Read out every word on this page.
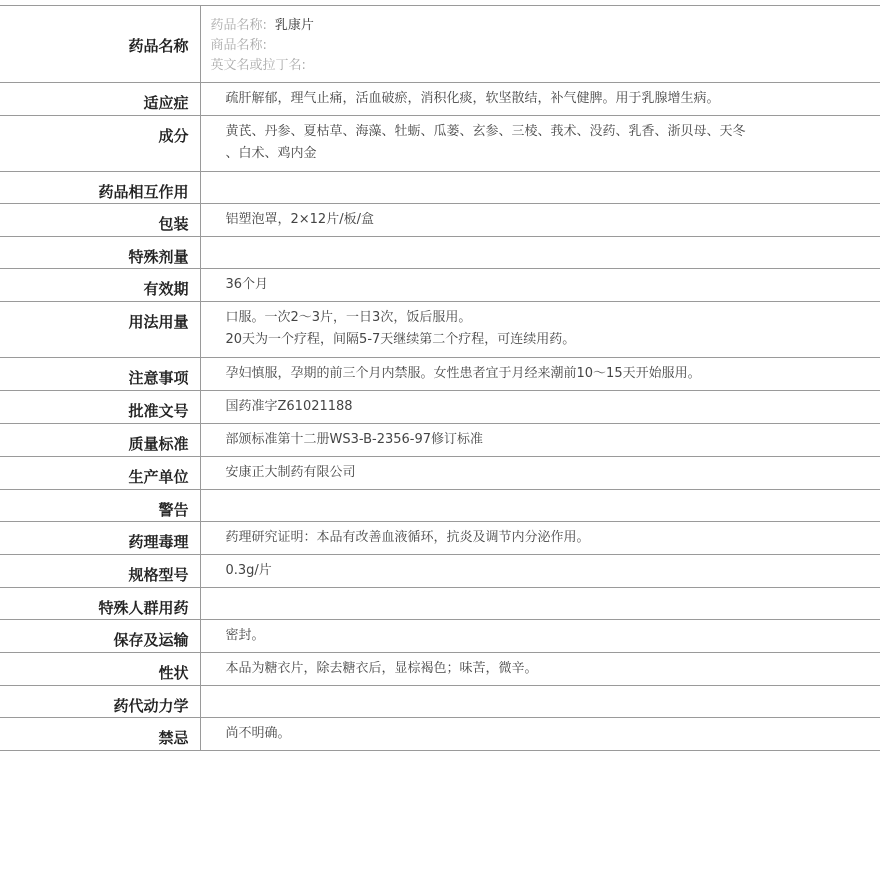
药品名称	药品名称: 乳康片
商品名称:
英文名或拉丁名:

适应症	疏肝解郁，理气止痛，活血破瘀，消积化痰，软坚散结，补气健脾。用于乳腺增生病。

成分	黄芪、丹参、夏枯草、海藻、牡蛎、瓜蒌、玄参、三棱、莪术、没药、乳香、浙贝母、天冬
、白术、鸡内金

药品相互作用	
包装	铝塑泡罩，2×12片/板/盒

特殊剂量	
有效期	36个月

用法用量	口服。一次2～3片，一日3次，饭后服用。
20天为一个疗程，间隔5-7天继续第二个疗程，可连续用药。

注意事项	孕妇慎服，孕期的前三个月内禁服。女性患者宜于月经来潮前10～15天开始服用。

批准文号	国药准字Z61021188

质量标准	部颁标准第十二册WS3-B-2356-97修订标准

生产单位	安康正大制药有限公司

警告	
药理毒理	药理研究证明：本品有改善血液循环，抗炎及调节内分泌作用。

规格型号	0.3g/片

特殊人群用药	
保存及运输	密封。

性状	本品为糖衣片，除去糖衣后，显棕褐色；味苦，微辛。

药代动力学	
禁忌	尚不明确。
